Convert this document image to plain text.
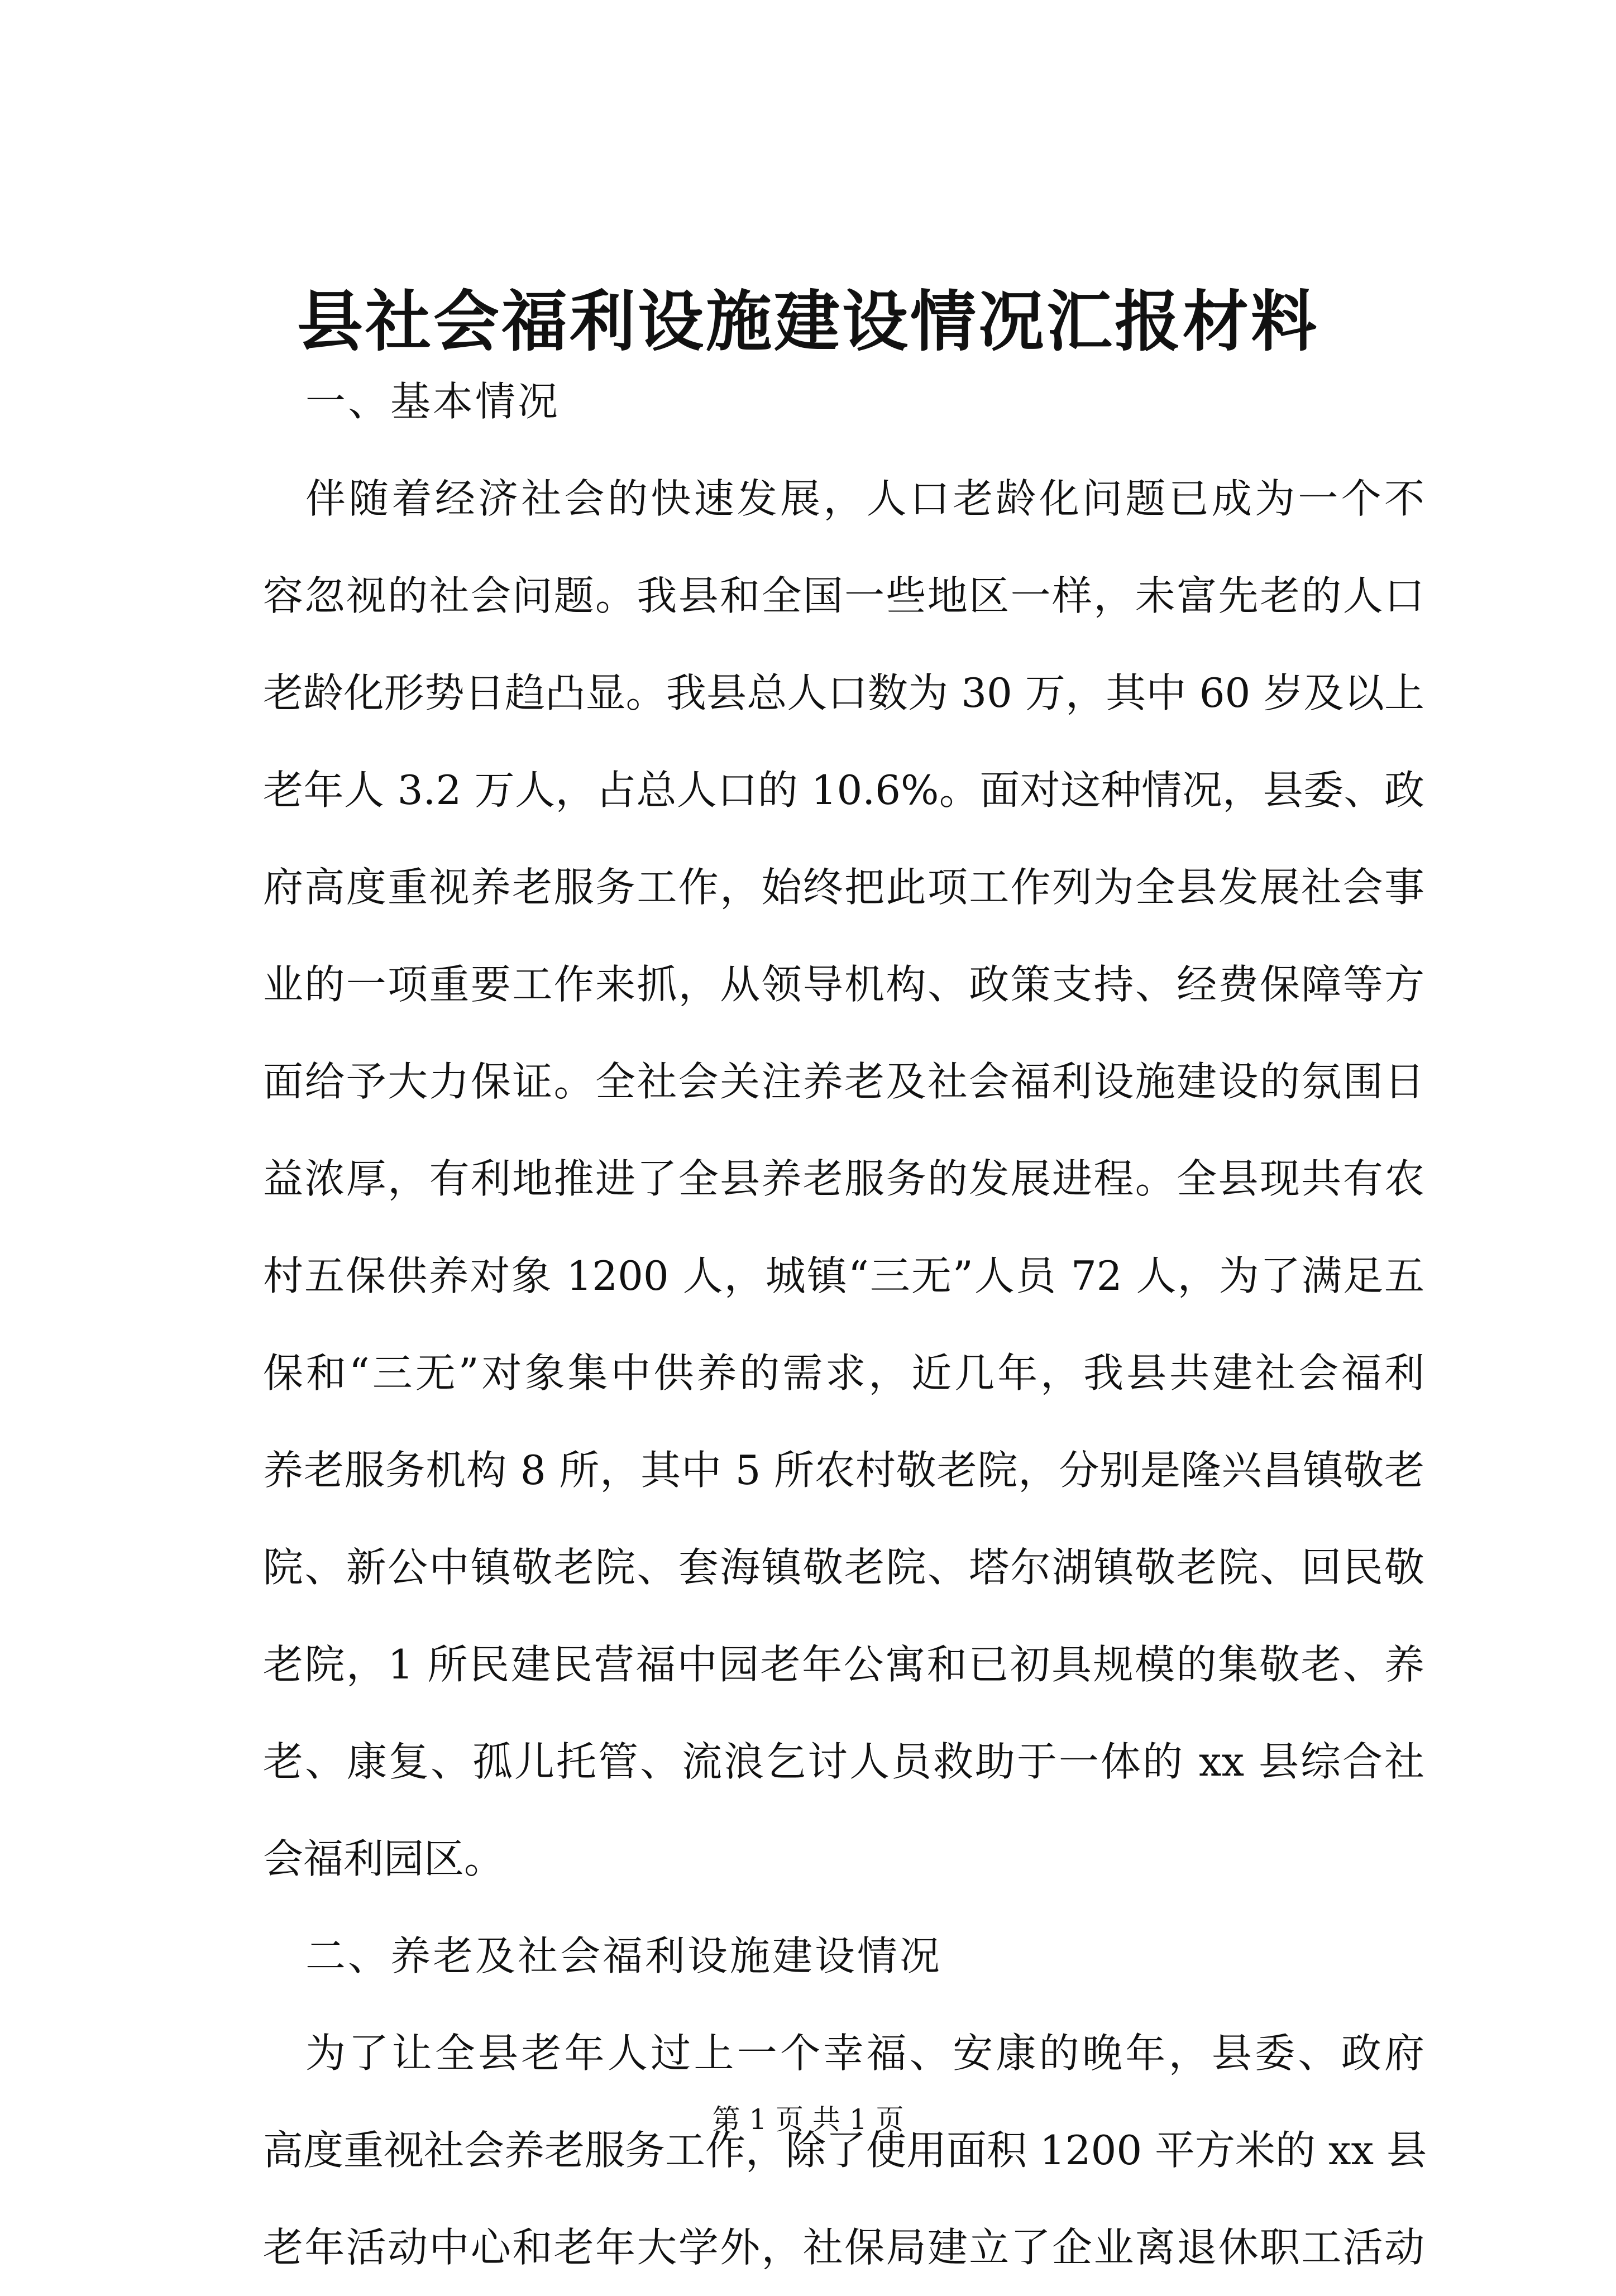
县社会福利设施建设情况汇报材料
一、基本情况
伴随着经济社会的快速发展，人口老龄化问题已成为一个不
容忽视的社会问题。我县和全国一些地区一样，未富先老的人口
老龄化形势日趋凸显。我县总人口数为 30 万，其中 60 岁及以上
老年人 3.2 万人，占总人口的 10.6%。面对这种情况，县委、政
府高度重视养老服务工作，始终把此项工作列为全县发展社会事
业的一项重要工作来抓，从领导机构、政策支持、经费保障等方
面给予大力保证。全社会关注养老及社会福利设施建设的氛围日
益浓厚，有利地推进了全县养老服务的发展进程。全县现共有农
村五保供养对象 1200 人，城镇“三无”人员 72 人，为了满足五
保和“三无”对象集中供养的需求，近几年，我县共建社会福利
养老服务机构 8 所，其中 5 所农村敬老院，分别是隆兴昌镇敬老
院、新公中镇敬老院、套海镇敬老院、塔尔湖镇敬老院、回民敬
老院，1 所民建民营福中园老年公寓和已初具规模的集敬老、养
老、康复、孤儿托管、流浪乞讨人员救助于一体的 xx 县综合社
会福利园区。
二、养老及社会福利设施建设情况
为了让全县老年人过上一个幸福、安康的晚年，县委、政府
高度重视社会养老服务工作，除了使用面积 1200 平方米的 xx 县
老年活动中心和老年大学外，社保局建立了企业离退休职工活动
第 1 页 共 1 页
